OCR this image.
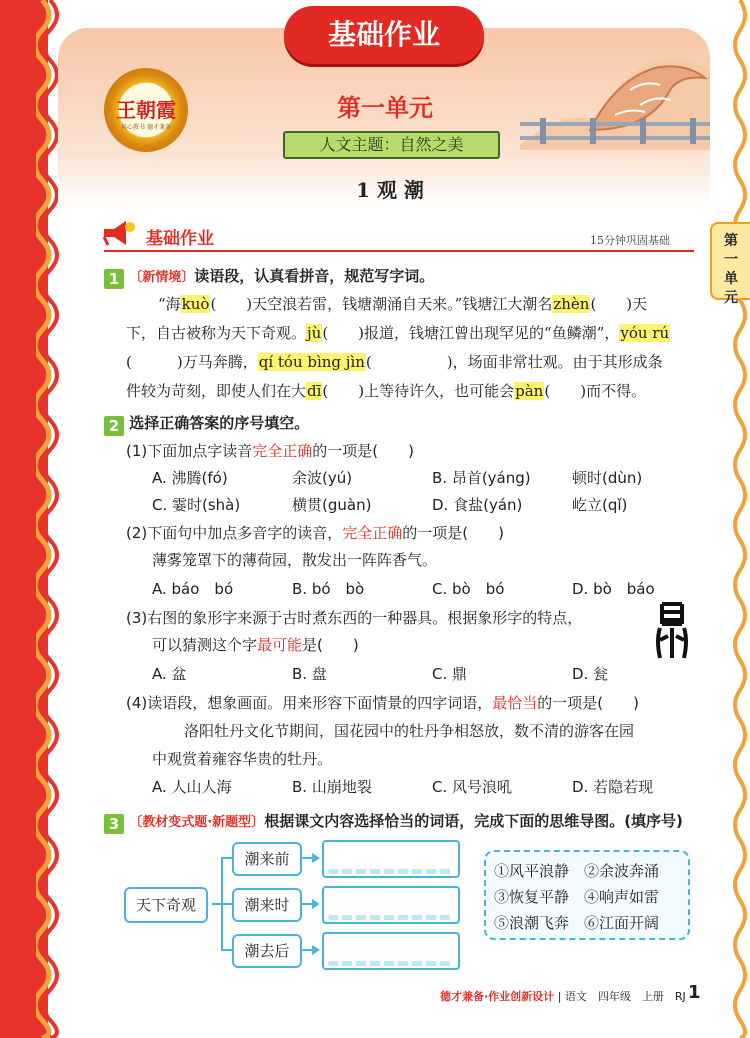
基础作业
王朝霞
用心教书 德才兼备
第一单元
人文主题：自然之美
1 观 潮
第一单元
基础作业	15分钟巩固基础
1 〔新情境〕读语段，认真看拼音，规范写字词。
“海kuò(　　)天空浪若雷，钱塘潮涌自天来。”钱塘江大潮名zhèn(　　)天
下，自古被称为天下奇观。jù(　　)报道，钱塘江曾出现罕见的“鱼鳞潮”，yóu rú
(　　　)万马奔腾，qí tóu bìng jìn(　　　　　)，场面非常壮观。由于其形成条
件较为苛刻，即使人们在大dī(　　)上等待许久，也可能会pàn(　　)而不得。
2 选择正确答案的序号填空。
(1)下面加点字读音完全正确的一项是(　　)
A. 沸腾(fó)	余波(yú)	B. 昂首(yáng)	顿时(dùn)
C. 霎时(shà)	横贯(guàn)	D. 食盐(yán)	屹立(qǐ)
(2)下面句中加点多音字的读音，完全正确的一项是(　　)
薄雾笼罩下的薄荷园，散发出一阵阵香气。
A. báo　bó	B. bó　bò	C. bò　bó	D. bò　báo
(3)右图的象形字来源于古时煮东西的一种器具。根据象形字的特点，
可以猜测这个字最可能是(　　)
A. 盆	B. 盘	C. 鼎	D. 瓮
(4)读语段，想象画面。用来形容下面情景的四字词语，最恰当的一项是(　　)
洛阳牡丹文化节期间，国花园中的牡丹争相怒放，数不清的游客在园
中观赏着雍容华贵的牡丹。
A. 人山人海	B. 山崩地裂	C. 风号浪吼	D. 若隐若现
3 〔教材变式题·新题型〕根据课文内容选择恰当的词语，完成下面的思维导图。(填序号)
天下奇观
潮来前
潮来时
潮去后
①风平浪静　 ②余波奔涌
③恢复平静　 ④响声如雷
⑤浪潮飞奔　 ⑥江面开阔
德才兼备·作业创新设计 | 语文　四年级　上册　RJ 1
